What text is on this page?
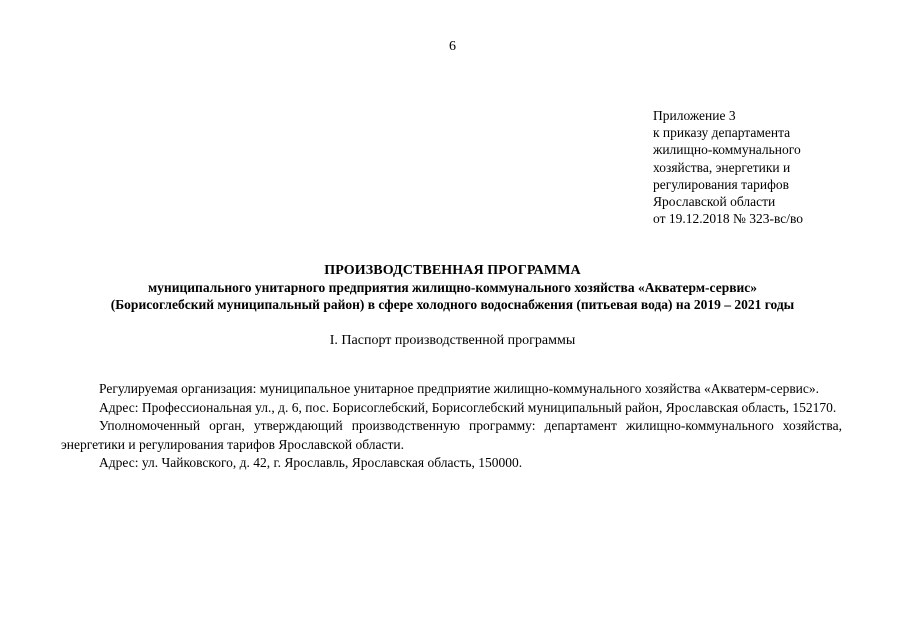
6
Приложение 3
к приказу департамента
жилищно-коммунального
хозяйства, энергетики и
регулирования тарифов
Ярославской области
от 19.12.2018 № 323-вс/во
ПРОИЗВОДСТВЕННАЯ ПРОГРАММА
муниципального унитарного предприятия жилищно-коммунального хозяйства «Акватерм-сервис»
(Борисоглебский муниципальный район) в сфере холодного водоснабжения (питьевая вода) на 2019 – 2021 годы
I. Паспорт производственной программы

Регулируемая организация: муниципальное унитарное предприятие жилищно-коммунального хозяйства «Акватерм-сервис».

Адрес: Профессиональная ул., д. 6, пос. Борисоглебский, Борисоглебский муниципальный район, Ярославская область, 152170.

Уполномоченный орган, утверждающий производственную программу: департамент жилищно-коммунального хозяйства, энергетики и регулирования тарифов Ярославской области.

Адрес: ул. Чайковского, д. 42, г. Ярославль, Ярославская область, 150000.
